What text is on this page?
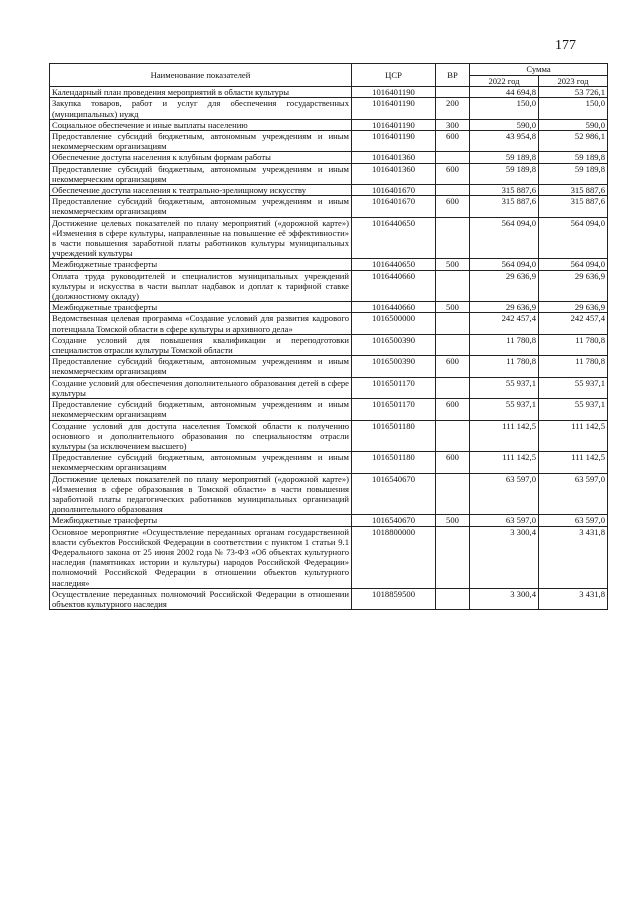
177
Наименование показателей	ЦСР	ВР	Сумма	
			2022 год	2023 год
Календарный план проведения мероприятий в области культуры	1016401190		44 694,8	53 726,1
Закупка товаров, работ и услуг для обеспечения государственных (муниципальных) нужд	1016401190	200	150,0	150,0
Социальное обеспечение и иные выплаты населению	1016401190	300	590,0	590,0
Предоставление субсидий бюджетным, автономным учреждениям и иным некоммерческим организациям	1016401190	600	43 954,8	52 986,1
Обеспечение доступа населения к клубным формам работы	1016401360		59 189,8	59 189,8
Предоставление субсидий бюджетным, автономным учреждениям и иным некоммерческим организациям	1016401360	600	59 189,8	59 189,8
Обеспечение доступа населения к театрально-зрелищному искусству	1016401670		315 887,6	315 887,6
Предоставление субсидий бюджетным, автономным учреждениям и иным некоммерческим организациям	1016401670	600	315 887,6	315 887,6
Достижение целевых показателей по плану мероприятий («дорожной карте») «Изменения в сфере культуры, направленные на повышение её эффективности» в части повышения заработной платы работников культуры муниципальных учреждений культуры	1016440650		564 094,0	564 094,0
Межбюджетные трансферты	1016440650	500	564 094,0	564 094,0
Оплата труда руководителей и специалистов муниципальных учреждений культуры и искусства в части выплат надбавок и доплат к тарифной ставке (должностному окладу)	1016440660		29 636,9	29 636,9
Межбюджетные трансферты	1016440660	500	29 636,9	29 636,9
Ведомственная целевая программа «Создание условий для развития кадрового потенциала Томской области в сфере культуры и архивного дела»	1016500000		242 457,4	242 457,4
Создание условий для повышения квалификации и переподготовки специалистов отрасли культуры Томской области	1016500390		11 780,8	11 780,8
Предоставление субсидий бюджетным, автономным учреждениям и иным некоммерческим организациям	1016500390	600	11 780,8	11 780,8
Создание условий для обеспечения дополнительного образования детей в сфере культуры	1016501170		55 937,1	55 937,1
Предоставление субсидий бюджетным, автономным учреждениям и иным некоммерческим организациям	1016501170	600	55 937,1	55 937,1
Создание условий для доступа населения Томской области к получению основного и дополнительного образования по специальностям отрасли культуры (за исключением высшего)	1016501180		111 142,5	111 142,5
Предоставление субсидий бюджетным, автономным учреждениям и иным некоммерческим организациям	1016501180	600	111 142,5	111 142,5
Достижение целевых показателей по плану мероприятий («дорожной карте») «Изменения в сфере образования в Томской области» в части повышения заработной платы педагогических работников муниципальных организаций дополнительного образования	1016540670		63 597,0	63 597,0
Межбюджетные трансферты	1016540670	500	63 597,0	63 597,0
Основное мероприятие «Осуществление переданных органам государственной власти субъектов Российской Федерации в соответствии с пунктом 1 статьи 9.1 Федерального закона от 25 июня 2002 года № 73-ФЗ «Об объектах культурного наследия (памятниках истории и культуры) народов Российской Федерации» полномочий Российской Федерации в отношении объектов культурного наследия»	1018800000		3 300,4	3 431,8
Осуществление переданных полномочий Российской Федерации в отношении объектов культурного наследия	1018859500		3 300,4	3 431,8
